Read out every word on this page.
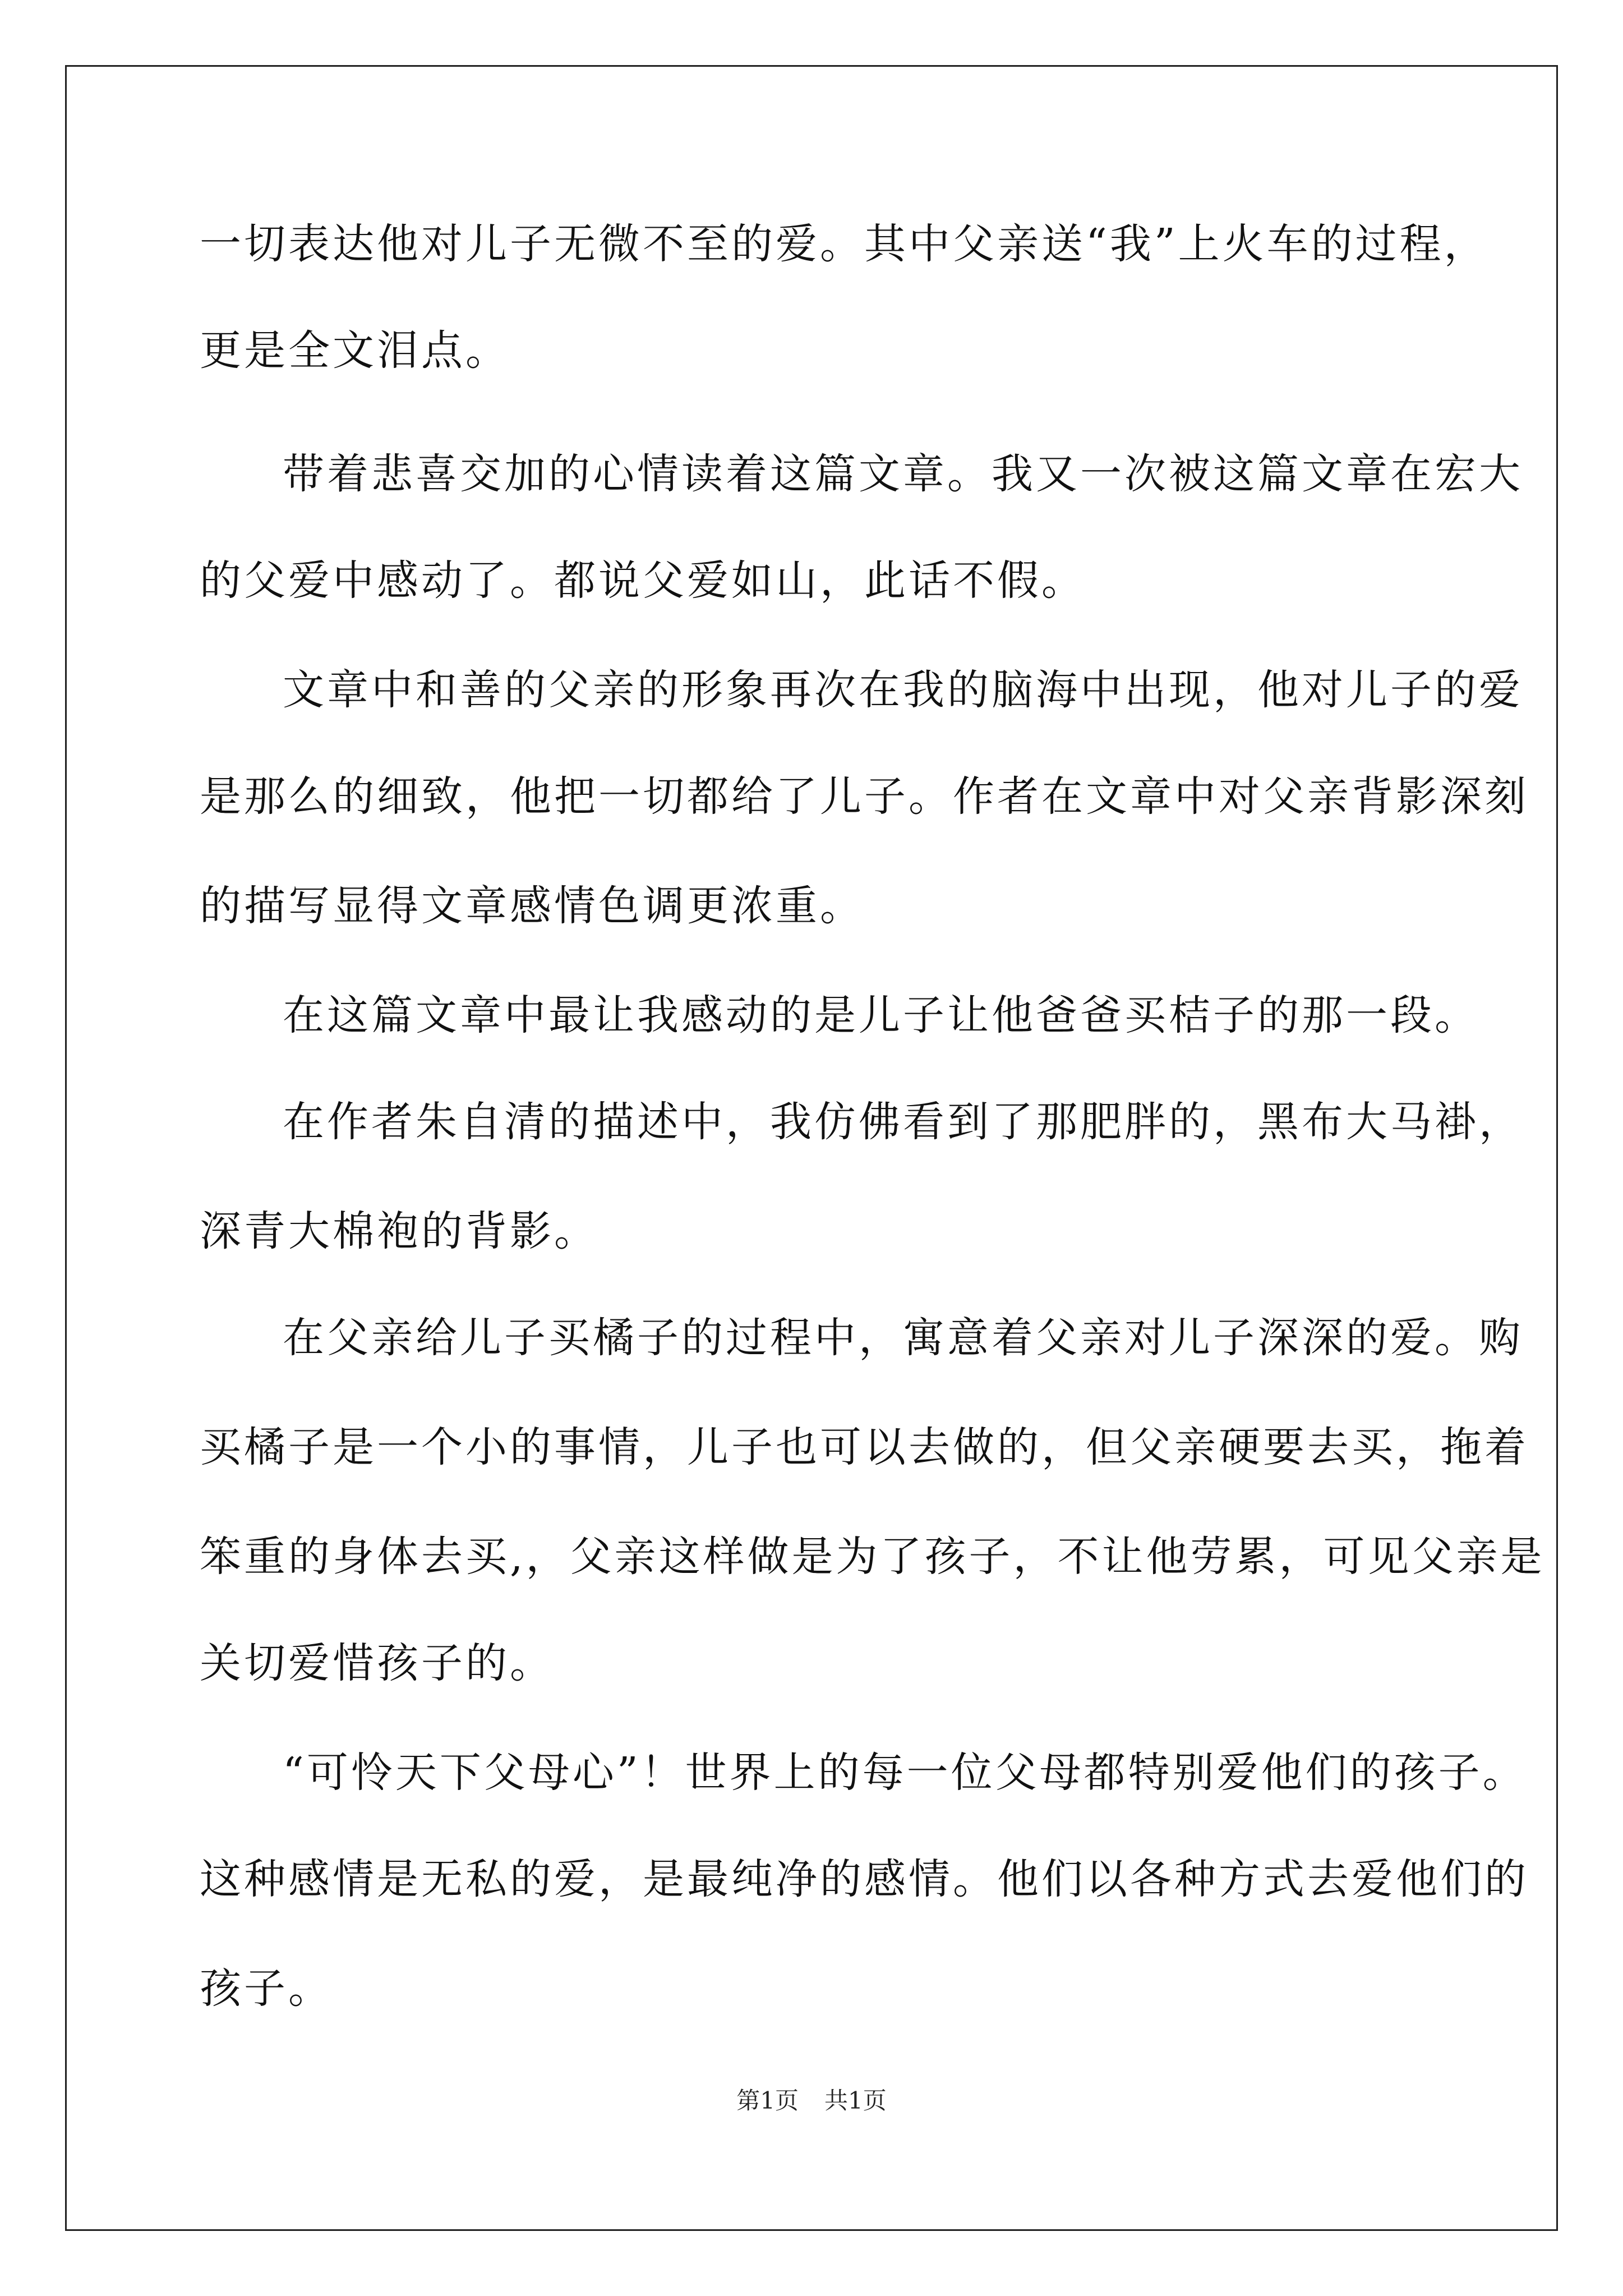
一切表达他对儿子无微不至的爱。其中父亲送“我”上火车的过程，
更是全文泪点。
带着悲喜交加的心情读着这篇文章。我又一次被这篇文章在宏大
的父爱中感动了。都说父爱如山，此话不假。
文章中和善的父亲的形象再次在我的脑海中出现，他对儿子的爱
是那么的细致，他把一切都给了儿子。作者在文章中对父亲背影深刻
的描写显得文章感情色调更浓重。
在这篇文章中最让我感动的是儿子让他爸爸买桔子的那一段。
在作者朱自清的描述中，我仿佛看到了那肥胖的，黑布大马褂，
深青大棉袍的背影。
在父亲给儿子买橘子的过程中，寓意着父亲对儿子深深的爱。购
买橘子是一个小的事情，儿子也可以去做的，但父亲硬要去买，拖着
笨重的身体去买,，父亲这样做是为了孩子，不让他劳累，可见父亲是
关切爱惜孩子的。
“可怜天下父母心”！世界上的每一位父母都特别爱他们的孩子。
这种感情是无私的爱，是最纯净的感情。他们以各种方式去爱他们的
孩子。
第1页 共1页
